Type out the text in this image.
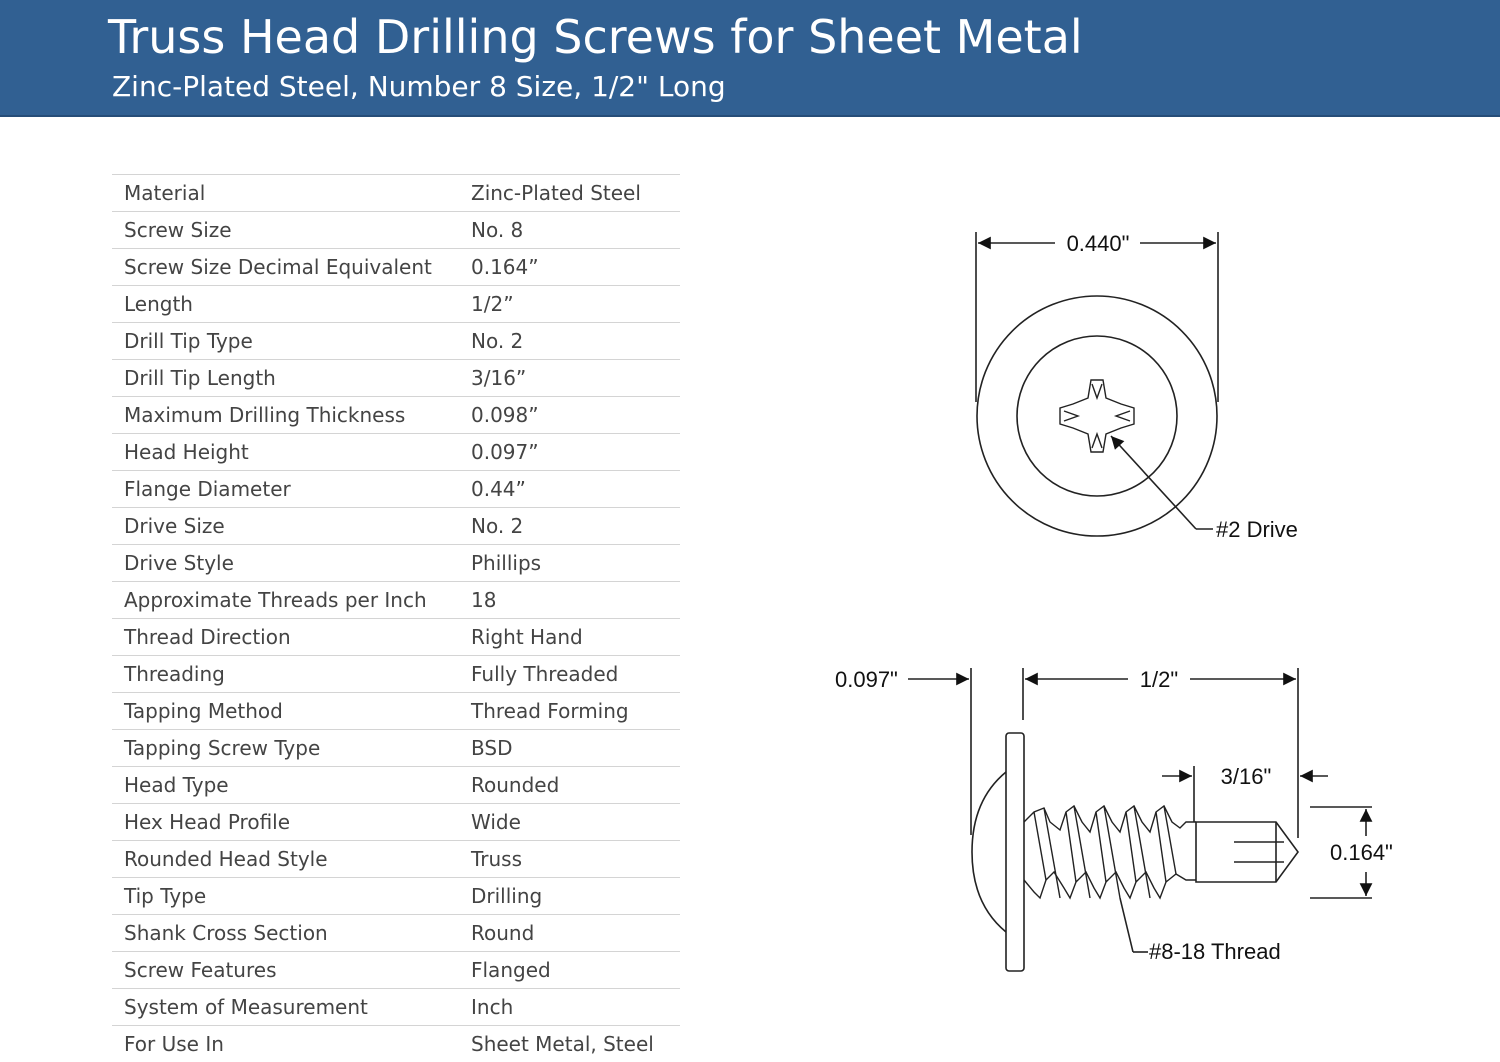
Truss Head Drilling Screws for Sheet Metal
Zinc-Plated Steel, Number 8 Size, 1/2" Long
Material	Zinc-Plated Steel
Screw Size	No. 8
Screw Size Decimal Equivalent	0.164”
Length	1/2”
Drill Tip Type	No. 2
Drill Tip Length	3/16”
Maximum Drilling Thickness	0.098”
Head Height	0.097”
Flange Diameter	0.44”
Drive Size	No. 2
Drive Style	Phillips
Approximate Threads per Inch	18
Thread Direction	Right Hand
Threading	Fully Threaded
Tapping Method	Thread Forming
Tapping Screw Type	BSD
Head Type	Rounded
Hex Head Profile	Wide
Rounded Head Style	Truss
Tip Type	Drilling
Shank Cross Section	Round
Screw Features	Flanged
System of Measurement	Inch
For Use In	Sheet Metal, Steel
0.440"
#2 Drive
0.097"	1/2"
3/16"
0.164"
#8-18 Thread
